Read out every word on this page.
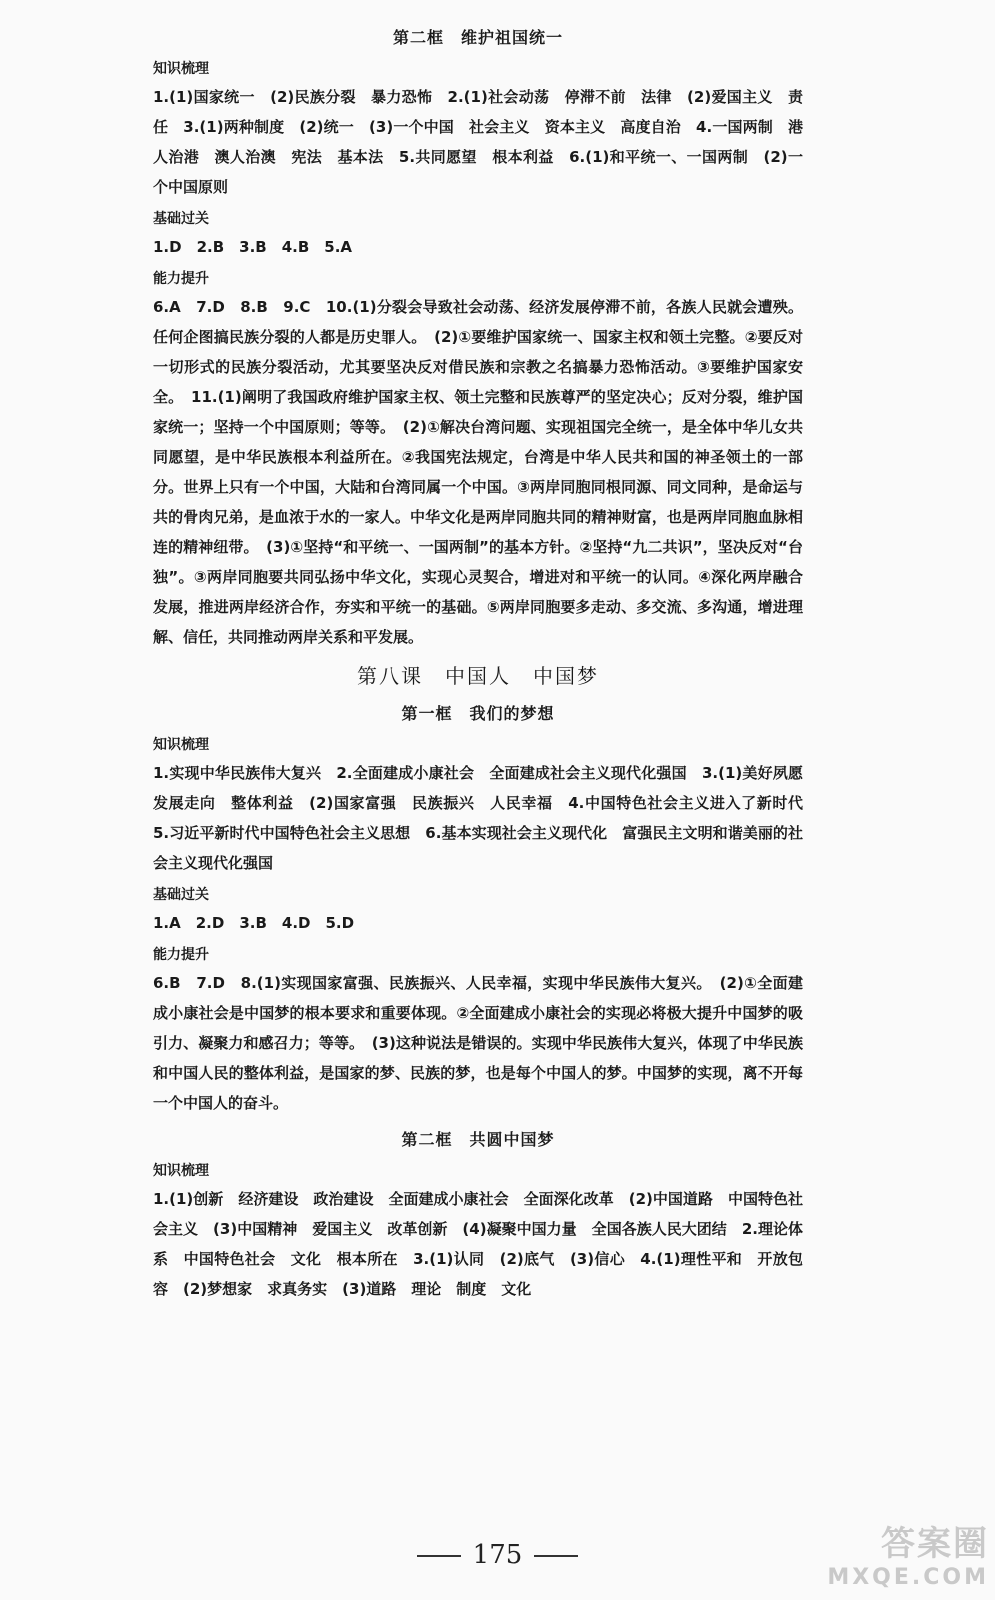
第二框　维护祖国统一
知识梳理

1.(1)国家统一　(2)民族分裂　暴力恐怖　2.(1)社会动荡　停滞不前　法律　(2)爱国主义　责任　3.(1)两种制度　(2)统一　(3)一个中国　社会主义　资本主义　高度自治　4.一国两制　港人治港　澳人治澳　宪法　基本法　5.共同愿望　根本利益　6.(1)和平统一、一国两制　(2)一个中国原则

基础过关

1.D　2.B　3.B　4.B　5.A

能力提升

6.A　7.D　8.B　9.C　10.(1)分裂会导致社会动荡、经济发展停滞不前，各族人民就会遭殃。任何企图搞民族分裂的人都是历史罪人。　(2)①要维护国家统一、国家主权和领土完整。②要反对一切形式的民族分裂活动，尤其要坚决反对借民族和宗教之名搞暴力恐怖活动。③要维护国家安全。　11.(1)阐明了我国政府维护国家主权、领土完整和民族尊严的坚定决心；反对分裂，维护国家统一；坚持一个中国原则；等等。　(2)①解决台湾问题、实现祖国完全统一，是全体中华儿女共同愿望，是中华民族根本利益所在。②我国宪法规定，台湾是中华人民共和国的神圣领土的一部分。世界上只有一个中国，大陆和台湾同属一个中国。③两岸同胞同根同源、同文同种，是命运与共的骨肉兄弟，是血浓于水的一家人。中华文化是两岸同胞共同的精神财富，也是两岸同胞血脉相连的精神纽带。　(3)①坚持“和平统一、一国两制”的基本方针。②坚持“九二共识”，坚决反对“台独”。③两岸同胞要共同弘扬中华文化，实现心灵契合，增进对和平统一的认同。④深化两岸融合发展，推进两岸经济合作，夯实和平统一的基础。⑤两岸同胞要多走动、多交流、多沟通，增进理解、信任，共同推动两岸关系和平发展。

第八课　中国人　中国梦
第一框　我们的梦想
知识梳理

1.实现中华民族伟大复兴　2.全面建成小康社会　全面建成社会主义现代化强国　3.(1)美好夙愿　发展走向　整体利益　(2)国家富强　民族振兴　人民幸福　4.中国特色社会主义进入了新时代　5.习近平新时代中国特色社会主义思想　6.基本实现社会主义现代化　富强民主文明和谐美丽的社会主义现代化强国

基础过关

1.A　2.D　3.B　4.D　5.D

能力提升

6.B　7.D　8.(1)实现国家富强、民族振兴、人民幸福，实现中华民族伟大复兴。　(2)①全面建成小康社会是中国梦的根本要求和重要体现。②全面建成小康社会的实现必将极大提升中国梦的吸引力、凝聚力和感召力；等等。　(3)这种说法是错误的。实现中华民族伟大复兴，体现了中华民族和中国人民的整体利益，是国家的梦、民族的梦，也是每个中国人的梦。中国梦的实现，离不开每一个中国人的奋斗。

第二框　共圆中国梦
知识梳理

1.(1)创新　经济建设　政治建设　全面建成小康社会　全面深化改革　(2)中国道路　中国特色社会主义　(3)中国精神　爱国主义　改革创新　(4)凝聚中国力量　全国各族人民大团结　2.理论体系　中国特色社会　文化　根本所在　3.(1)认同　(2)底气　(3)信心　4.(1)理性平和　开放包容　(2)梦想家　求真务实　(3)道路　理论　制度　文化

175	答案圈
MXQE.COM
